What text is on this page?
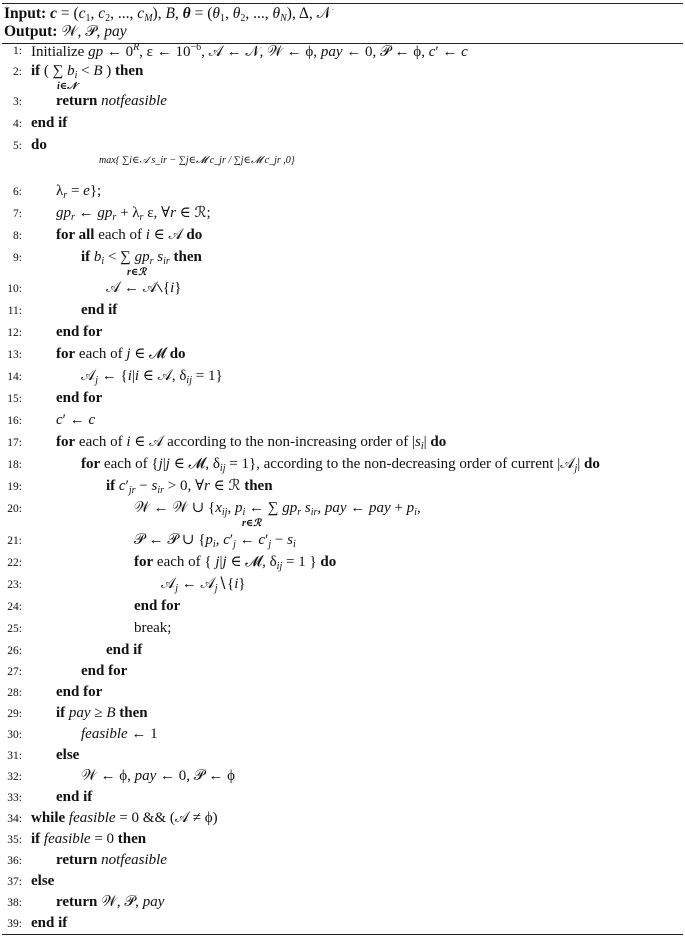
Input: $c = (c_1$, $c_2$, ..., $c_M$), B, $\theta = (\theta_1$, $\theta_2$, ..., $\theta_N$), Δ, 𝒩
Output: 𝒲, 𝒫, pay
1: Initialize gp ← $0^R$, ε ← $10^{-6}$, 𝒜 ← 𝒩, 𝒲 ← ϕ, pay ← 0, 𝒫 ← ϕ, c′ ← c
2: if ( ∑ $b_i < B$ ) then
i∈𝒩
3: return notfeasible
4: end if
5: do
6: $\lambda_r = e$};
max{ ∑i∈𝒜 s_ir − ∑j∈𝓜 c_jr / ∑j∈𝓜 c_jr ,0}
7: $gp_r$ ← $gp_r + \lambda_r$ ε, ∀r ∈ ℛ;
8: for all each of i ∈ 𝒜 do
9:	if $b_i$ < ∑ $gp_r$ $s_{ir}$ then
r∈ℛ
10:	𝒜 ← 𝒜∖{i}
11:	end if
12: end for
13: for each of j ∈ 𝓜 do
14:	𝒜$_j$ ← {i|i ∈ 𝒜, $\delta_{ij} = 1$}
15: end for
16: c′ ← c
17: for each of i ∈ 𝒜 according to the non-increasing order of $|s_i|$ do
18:	for each of {j|j ∈ 𝓜, $\delta_{ij} = 1$}, according to the non-decreasing order of current |𝒜$_j$| do
19:	if $c'_{jr} - s_{ir} > 0$, ∀r ∈ ℛ then
20:	𝒲 ← 𝒲 ∪ {$x_{ij}$, $p_i$ ← ∑ $gp_r$ $s_{ir}$, pay ← pay + $p_i$,
r∈ℛ
21:	𝒫 ← 𝒫 ∪ {$p_i$, $c'_j$ ← $c'_j - s_i$
22:	for each of { j|j ∈ 𝓜, $\delta_{ij} = 1$ } do
23:	𝒜$_j$ ← 𝒜$_j$∖{i}
24:	end for
25:	break;
26:	end if
27:	end for
28: end for
29: if pay ≥ B then
30:	feasible ← 1
31: else
32:	𝒲 ← ϕ, pay ← 0, 𝒫 ← ϕ
33: end if
34: while feasible = 0 && (𝒜 ≠ ϕ)
35: if feasible = 0 then
36: return notfeasible
37: else
38: return 𝒲, 𝒫, pay
39: end if
